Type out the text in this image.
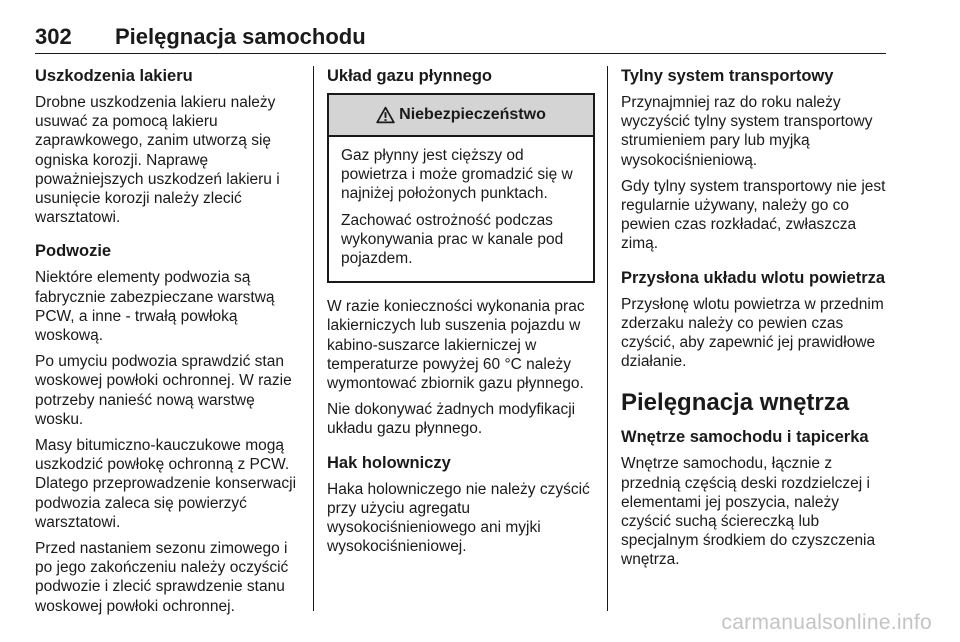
302 Pielęgnacja samochodu
Uszkodzenia lakieru

Drobne uszkodzenia lakieru należy usuwać za pomocą lakieru zaprawkowego, zanim utworzą się ogniska korozji. Naprawę poważniejszych uszkodzeń lakieru i usunięcie korozji należy zlecić warsztatowi.

Podwozie

Niektóre elementy podwozia są fabrycznie zabezpieczane warstwą PCW, a inne - trwałą powłoką woskową.

Po umyciu podwozia sprawdzić stan woskowej powłoki ochronnej. W razie potrzeby nanieść nową warstwę wosku.

Masy bitumiczno-kauczukowe mogą uszkodzić powłokę ochronną z PCW. Dlatego przeprowadzenie konserwacji podwozia zaleca się powierzyć warsztatowi.

Przed nastaniem sezonu zimowego i po jego zakończeniu należy oczyścić podwozie i zlecić sprawdzenie stanu woskowej powłoki ochronnej.

Układ gazu płynnego
Niebezpieczeństwo

Gaz płynny jest cięższy od powietrza i może gromadzić się w najniżej położonych punktach.

Zachować ostrożność podczas wykonywania prac w kanale pod pojazdem.

W razie konieczności wykonania prac lakierniczych lub suszenia pojazdu w kabino-suszarce lakierniczej w temperaturze powyżej 60 °C należy wymontować zbiornik gazu płynnego.

Nie dokonywać żadnych modyfikacji układu gazu płynnego.

Hak holowniczy

Haka holowniczego nie należy czyścić przy użyciu agregatu wysokociśnieniowego ani myjki wysokociśnieniowej.

Tylny system transportowy

Przynajmniej raz do roku należy wyczyścić tylny system transportowy strumieniem pary lub myjką wysokociśnieniową.

Gdy tylny system transportowy nie jest regularnie używany, należy go co pewien czas rozkładać, zwłaszcza zimą.

Przysłona układu wlotu powietrza

Przysłonę wlotu powietrza w przednim zderzaku należy co pewien czas czyścić, aby zapewnić jej prawidłowe działanie.

Pielęgnacja wnętrza
Wnętrze samochodu i tapicerka

Wnętrze samochodu, łącznie z przednią częścią deski rozdzielczej i elementami jej poszycia, należy czyścić suchą ściereczką lub specjalnym środkiem do czyszczenia wnętrza.

carmanualsonline.info
